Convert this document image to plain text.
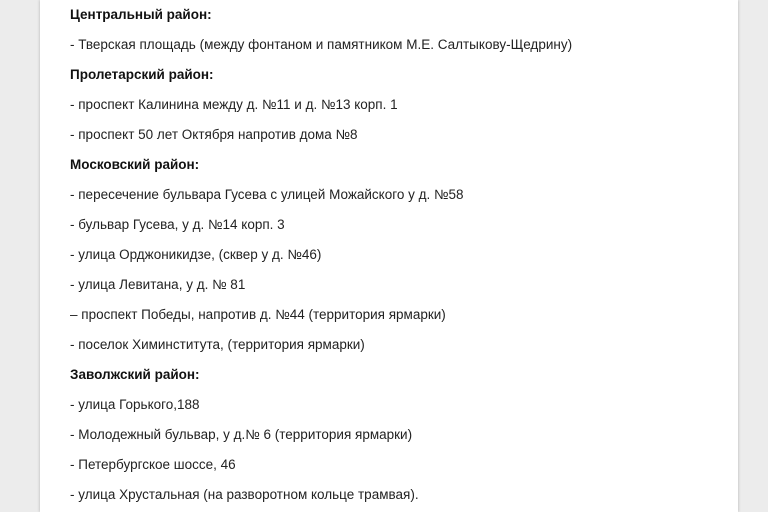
Центральный район:
- Тверская площадь (между фонтаном и памятником М.Е. Салтыкову-Щедрину)
Пролетарский район:
- проспект Калинина между д. №11 и д. №13 корп. 1
- проспект 50 лет Октября напротив дома №8
Московский район:
- пересечение бульвара Гусева с улицей Можайского у д. №58
- бульвар Гусева, у д. №14 корп. 3
- улица Орджоникидзе, (сквер у д. №46)
- улица Левитана, у д. № 81
– проспект Победы, напротив д. №44 (территория ярмарки)
- поселок Химинститута, (территория ярмарки)
Заволжский район:
- улица Горького,188
- Молодежный бульвар, у д.№ 6 (территория ярмарки)
- Петербургское шоссе, 46
- улица Хрустальная (на разворотном кольце трамвая).
